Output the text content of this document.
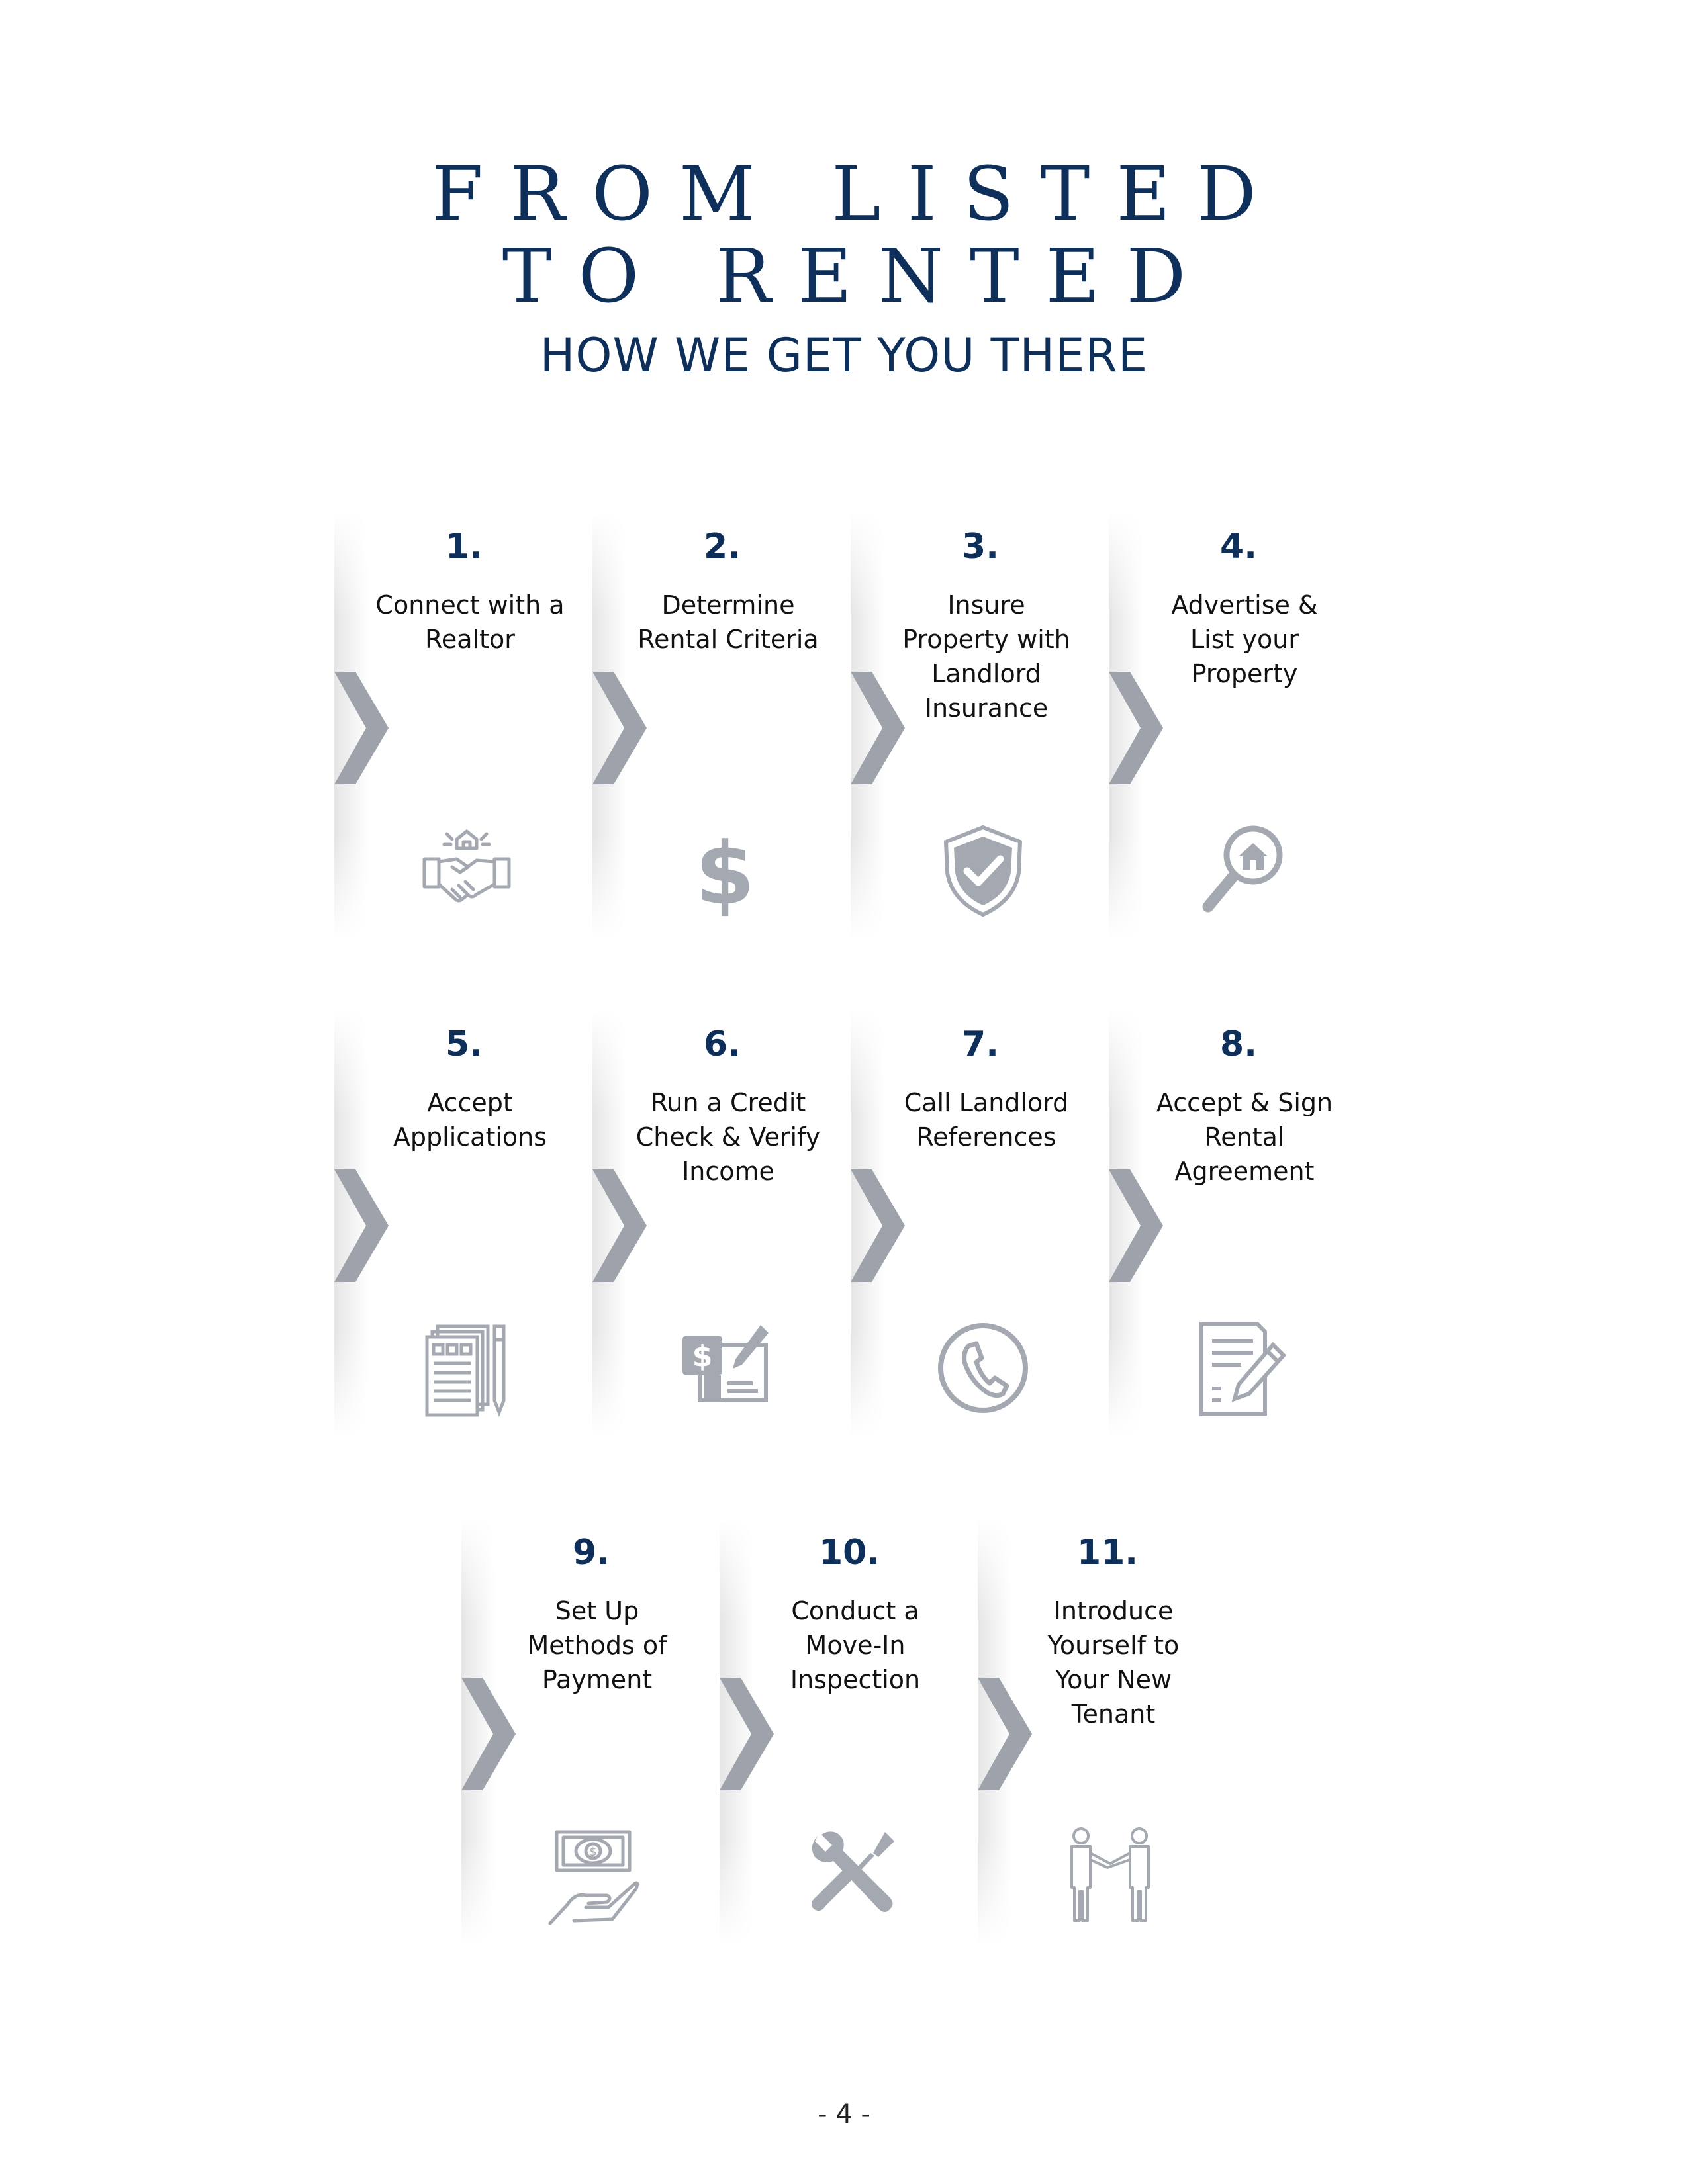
FROM LISTED
TO RENTED
HOW WE GET YOU THERE
1.
Connect with a Realtor
2.
Determine Rental Criteria
$
3.
Insure Property with Landlord Insurance
4.
Advertise & List your Property
5.
Accept Applications
6.
Run a Credit Check & Verify Income
$
7.
Call Landlord References
8.
Accept & Sign Rental Agreement
9.
Set Up Methods of Payment
$
10.
Conduct a Move-In Inspection
11.
Introduce Yourself to Your New Tenant
- 4 -
